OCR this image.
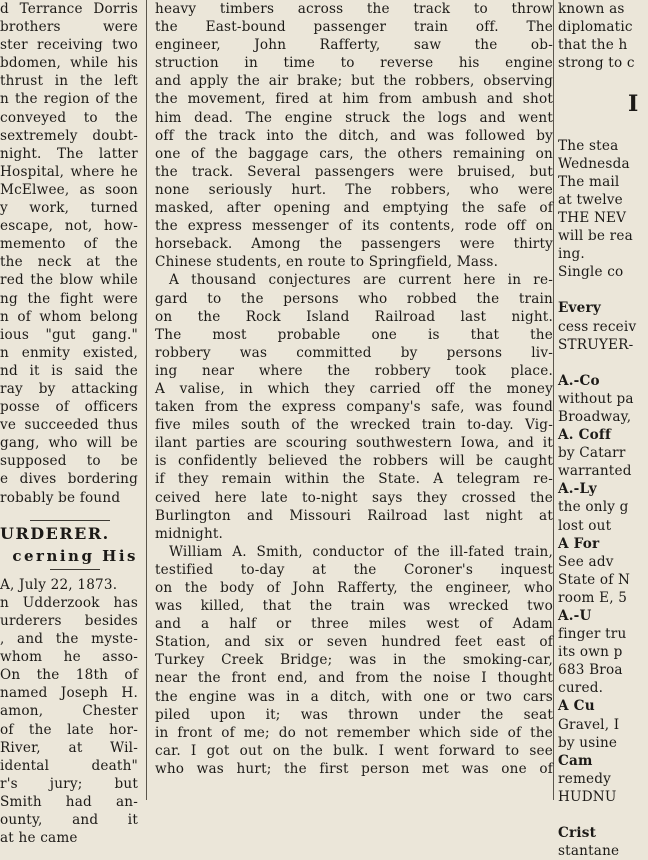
d Terrance Dorris
brothers were
ster receiving two
bdomen, while his
thrust in the left
n the region of the
conveyed to the
sextremely doubt-
night. The latter
Hospital, where he
McElwee, as soon
y work, turned
escape, not, how-
memento of the
the neck at the
red the blow while
ng the fight were
n of whom belong
ious "gut gang."
n enmity existed,
nd it is said the
ray by attacking
posse of officers
ve succeeded thus
gang, who will be
supposed to be
e dives bordering
robably be found
URDERER.
cerning His
A, July 22, 1873.
n Udderzook has
urderers besides
, and the myste-
whom he asso-
On the 18th of
named Joseph H.
amon, Chester
of the late hor-
River, at Wil-
idental death"
r's jury; but
Smith had an-
ounty, and it
at he came
heavy timbers across the track to throw
the East-bound passenger train off. The
engineer, John Rafferty, saw the ob-
struction in time to reverse his engine
and apply the air brake; but the robbers, observing
the movement, fired at him from ambush and shot
him dead. The engine struck the logs and went
off the track into the ditch, and was followed by
one of the baggage cars, the others remaining on
the track. Several passengers were bruised, but
none seriously hurt. The robbers, who were
masked, after opening and emptying the safe of
the express messenger of its contents, rode off on
horseback. Among the passengers were thirty
Chinese students, en route to Springfield, Mass.
A thousand conjectures are current here in re-
gard to the persons who robbed the train
on the Rock Island Railroad last night.
The most probable one is that the
robbery was committed by persons liv-
ing near where the robbery took place.
A valise, in which they carried off the money
taken from the express company's safe, was found
five miles south of the wrecked train to-day. Vig-
ilant parties are scouring southwestern Iowa, and it
is confidently believed the robbers will be caught
if they remain within the State. A telegram re-
ceived here late to-night says they crossed the
Burlington and Missouri Railroad last night at
midnight.
William A. Smith, conductor of the ill-fated train,
testified to-day at the Coroner's inquest
on the body of John Rafferty, the engineer, who
was killed, that the train was wrecked two
and a half or three miles west of Adam
Station, and six or seven hundred feet east of
Turkey Creek Bridge; was in the smoking-car,
near the front end, and from the noise I thought
the engine was in a ditch, with one or two cars
piled upon it; was thrown under the seat
in front of me; do not remember which side of the
car. I got out on the bulk. I went forward to see
who was hurt; the first person met was one of
known as
diplomatic
that the h
strong to c
I
The stea
Wednesda
The mail
at twelve
THE NEV
will be rea
ing.
Single co
Every
cess receiv
STRUYER-
A.-Co
without pa
Broadway,
A. Coff
by Catarr
warranted
A.-Ly
the only g
lost out
A For
See adv
State of N
room E, 5
A.-U
finger tru
its own p
683 Broa
cured.
A Cu
Gravel, I
by usine
Cam
remedy
HUDNU
Crist
stantane
